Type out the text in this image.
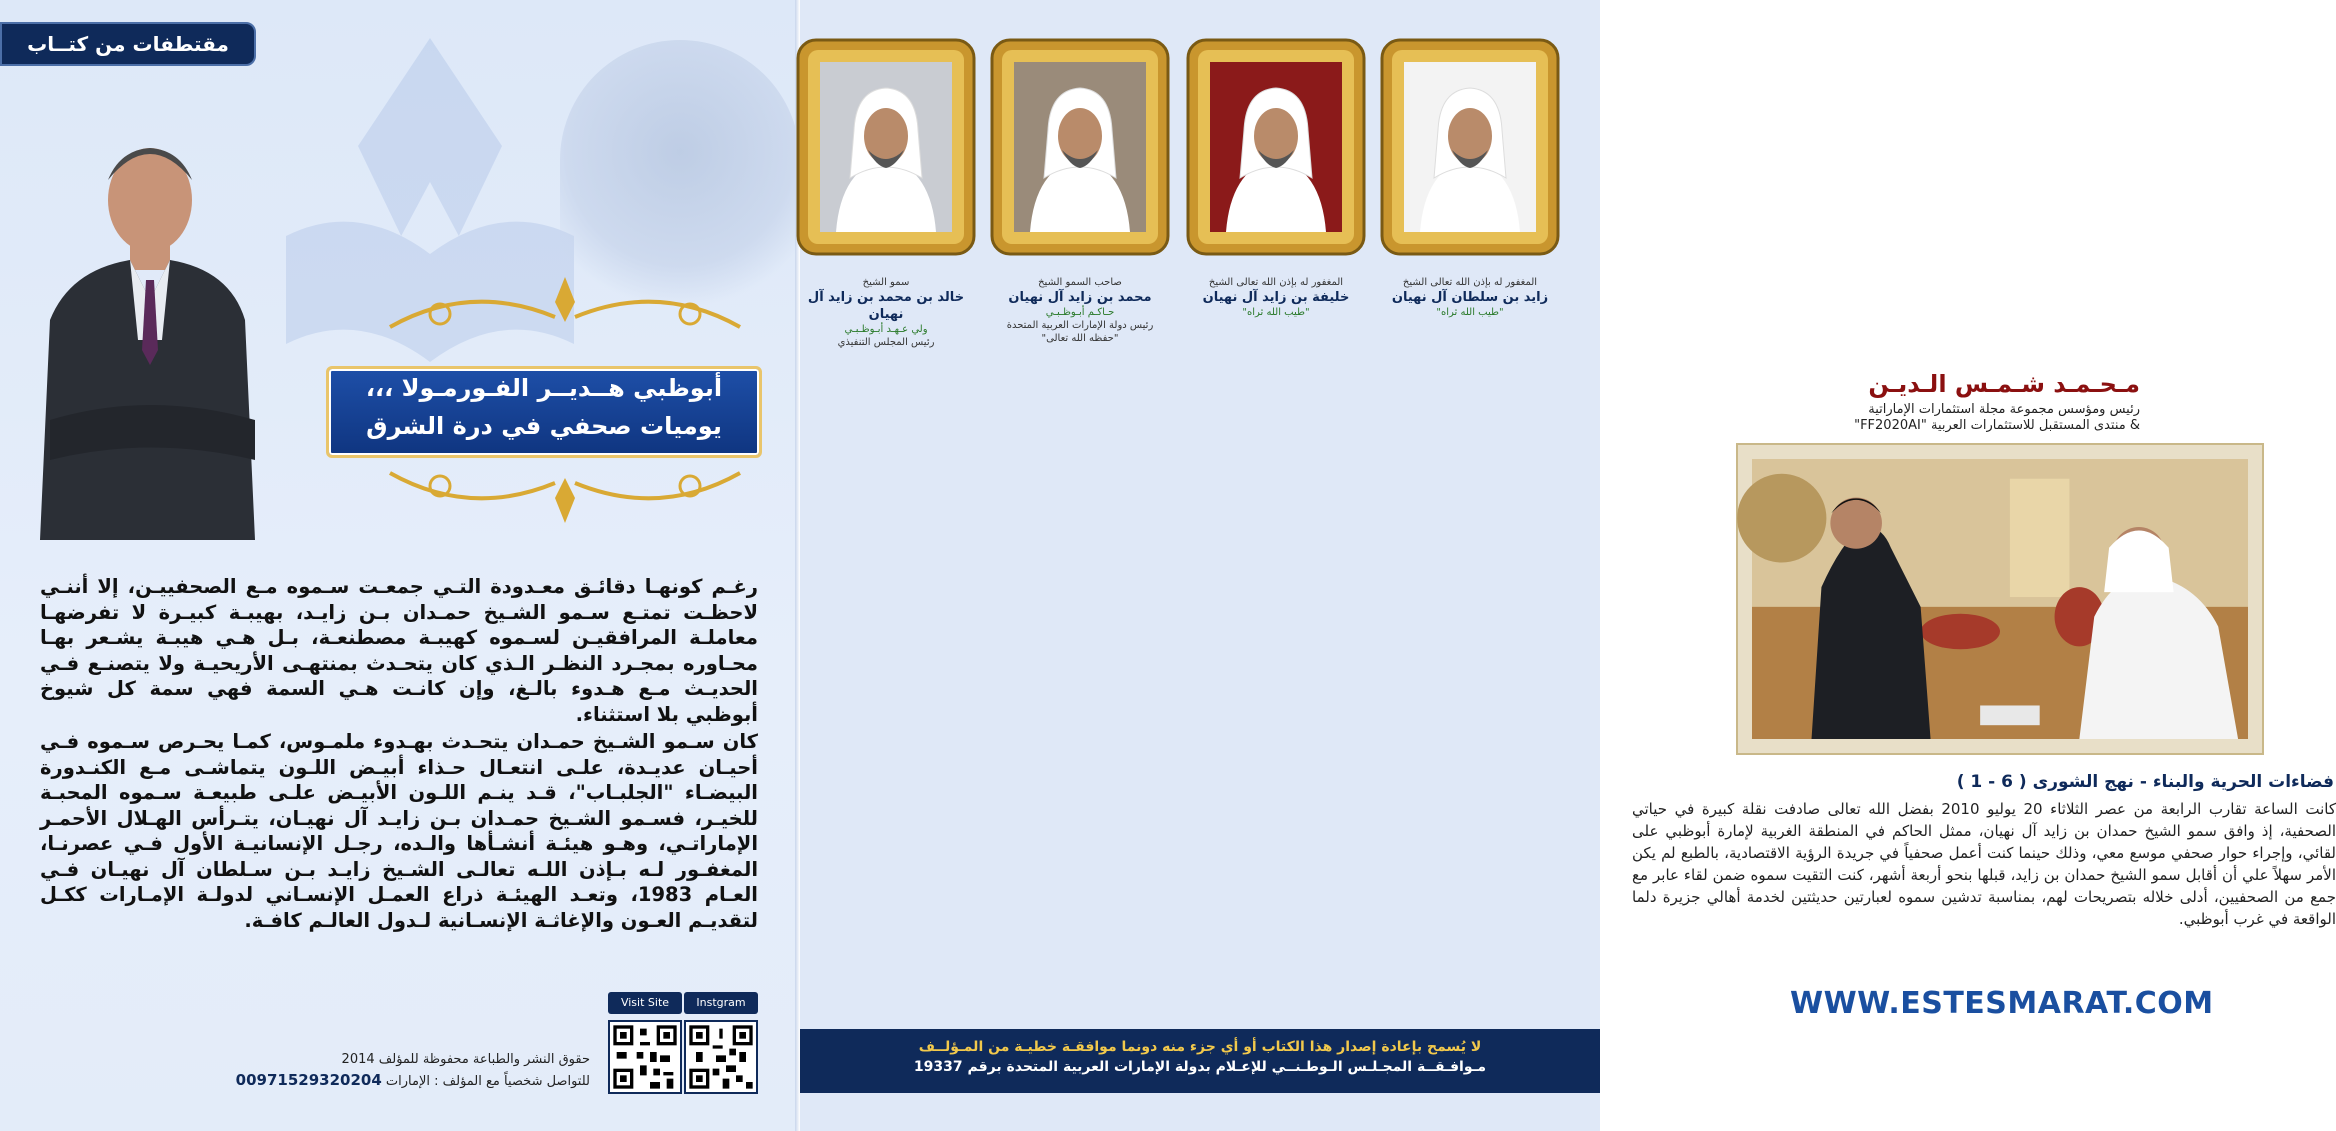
مقتطفات من كتــاب
أبوظبي هــديــر الفـورمـولا ،،،
يوميات صحفي في درة الشرق

رغـم كونهـا دقائـق معـدودة التـي جمعـت سـموه مـع الصحفييـن، إلا أننـي لاحظـت تمتـع سـمو الشـيخ حمـدان بـن زايـد، بهيبـة كبيـرة لا تفرضهـا معاملـة المرافقيـن لسـموه كهيبـة مصطنعـة، بـل هـي هيبـة يشـعر بهـا محـاوره بمجـرد النظـر الـذي كان يتحـدث بمنتهـى الأريحيـة ولا يتصنـع فـي الحديـث مـع هـدوء بالـغ، وإن كانـت هـي السمة فهي سمة كل شيوخ أبوظبي بلا استثناء.

كان سـمو الشـيخ حمـدان يتحـدث بهـدوء ملمـوس، كمـا يحـرص سـموه فـي أحيـان عديـدة، علـى انتعـال حـذاء أبيـض اللـون يتماشـى مـع الكنـدورة البيضـاء "الجلبـاب"، قـد ينـم اللـون الأبيـض علـى طبيعـة سـموه المحبـة للخيـر، فسـمو الشـيخ حمـدان بـن زايـد آل نهيـان، يتـرأس الهـلال الأحمـر الإماراتـي، وهـو هيئـة أنشـأها والـده، رجـل الإنسانيـة الأول فـي عصرنـا، المغفـور لـه بـإذن اللـه تعالـى الشـيخ زايـد بـن سـلطان آل نهيـان فـي العـام 1983، وتعـد الهيئـة ذراع العمـل الإنسـاني لدولـة الإمـارات ككـل لتقديـم العـون والإغاثـة الإنسـانية لـدول العالـم كافـة.

Visit Site	Instgram
حقوق النشر والطباعة محفوظة للمؤلف 2014
للتواصل شخصياً مع المؤلف : الإمارات 00971529320204
المغفور له بإذن الله تعالى الشيخ
زايد بن سلطان آل نهيان
"طيب الله ثراه"
المغفور له بإذن الله تعالى الشيخ
خليفة بن زايد آل نهيان
"طيب الله ثراه"
صاحب السمو الشيخ
محمد بن زايد آل نهيان
حـاكـم أبـوظـبـي
رئيس دولة الإمارات العربية المتحدة
"حفظه الله تعالى"
سمو الشيخ
خالد بن محمد بن زايد آل نهيان
ولي عـهـد أبـوظـبـي
رئيس المجلس التنفيذي
مـحـمـد شـمـس الـديـن
رئيس ومؤسس مجموعة مجلة استثمارات الإماراتية
& منتدى المستقبل للاستثمارات العربية "FF2020AI"
فضاءات الحرية والبناء - نهج الشورى ( 6 - 1 )
كانت الساعة تقارب الرابعة من عصر الثلاثاء 20 يوليو 2010 بفضل الله تعالى صادفت نقلة كبيرة في حياتي الصحفية، إذ وافق سمو الشيخ حمدان بن زايد آل نهيان، ممثل الحاكم في المنطقة الغربية لإمارة أبوظبي على لقائي، وإجراء حوار صحفي موسع معي، وذلك حينما كنت أعمل صحفياً في جريدة الرؤية الاقتصادية، بالطبع لم يكن الأمر سهلاً علي أن أقابل سمو الشيخ حمدان بن زايد، قبلها بنحو أربعة أشهر، كنت التقيت سموه ضمن لقاء عابر مع جمع من الصحفيين، أدلى خلاله بتصريحات لهم، بمناسبة تدشين سموه لعبارتين حديثتين لخدمة أهالي جزيرة دلما الواقعة في غرب أبوظبي.
WWW.ESTESMARAT.COM
لا يُسمح بإعادة إصدار هذا الكتاب أو أي جزء منه دونما موافقـة خطيـة من المـؤلــف
مـوافـقــة المجـلـس الـوطـنــي للإعـلام بدولة الإمارات العربية المتحدة برقم 19337
